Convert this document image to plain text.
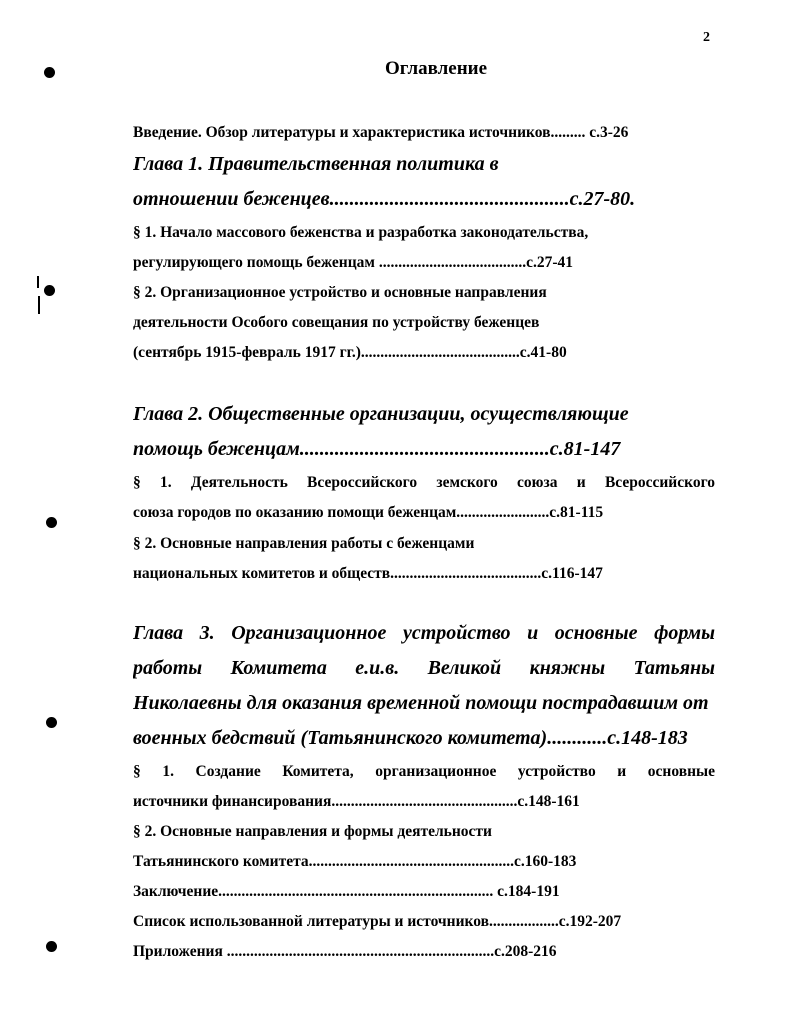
2
Оглавление
Введение. Обзор литературы и характеристика источников......... с.3-26
Глава 1. Правительственная политика в
отношении беженцев................................................с.27-80.
§ 1. Начало массового беженства и разработка законодательства,
регулирующего помощь беженцам ......................................с.27-41
§ 2. Организационное устройство и основные направления
деятельности Особого совещания по устройству беженцев
(сентябрь 1915-февраль 1917 гг.).........................................с.41-80
Глава 2. Общественные организации, осуществляющие
помощь беженцам..................................................с.81-147
§ 1. Деятельность Всероссийского земского союза и Всероссийского
союза городов по оказанию помощи беженцам........................с.81-115
§ 2. Основные направления работы с беженцами
национальных комитетов и обществ.......................................с.116-147
Глава 3. Организационное устройство и основные формы
работы Комитета е.и.в. Великой княжны Татьяны
Николаевны для оказания временной помощи пострадавшим от
военных бедствий (Татьянинского комитета)............с.148-183
§ 1. Создание Комитета, организационное устройство и основные
источники финансирования................................................с.148-161
§ 2. Основные направления и формы деятельности
Татьянинского комитета.....................................................с.160-183
Заключение....................................................................... с.184-191
Список использованной литературы и источников..................с.192-207
Приложения .....................................................................с.208-216
